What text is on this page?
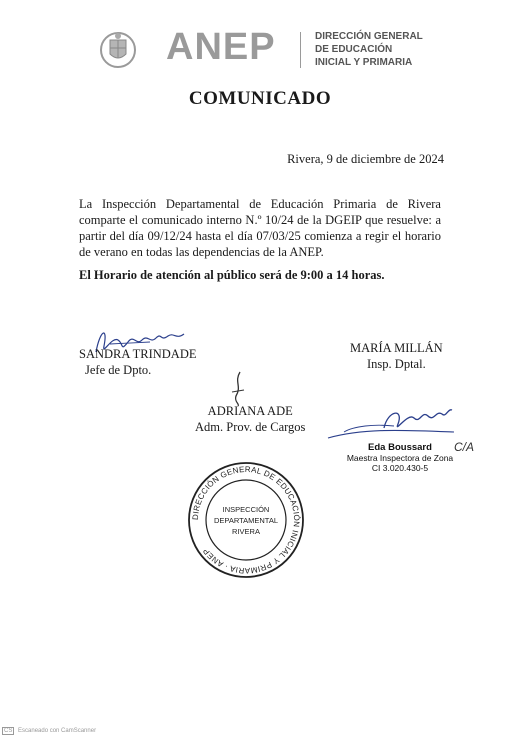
ANEP	DIRECCIÓN GENERAL
DE EDUCACIÓN
INICIAL Y PRIMARIA
COMUNICADO
Rivera, 9 de diciembre de 2024
La Inspección Departamental de Educación Primaria de Rivera comparte el comunicado interno N.º 10/24 de la DGEIP que resuelve: a partir del día 09/12/24 hasta el día 07/03/25 comienza a regir el horario de verano en todas las dependencias de la ANEP.
El Horario de atención al público será de 9:00 a 14 horas.
SANDRA TRINDADE
Jefe de Dpto.
MARÍA MILLÁN
Insp. Dptal.
ADRIANA ADE
Adm. Prov. de Cargos
Eda Boussard
Maestra Inspectora de Zona
CI 3.020.430-5
C/A
DIRECCIÓN GENERAL DE EDUCACIÓN INICIAL Y PRIMARIA · ANEP
INSPECCIÓN
DEPARTAMENTAL
RIVERA
CS Escaneado con CamScanner
